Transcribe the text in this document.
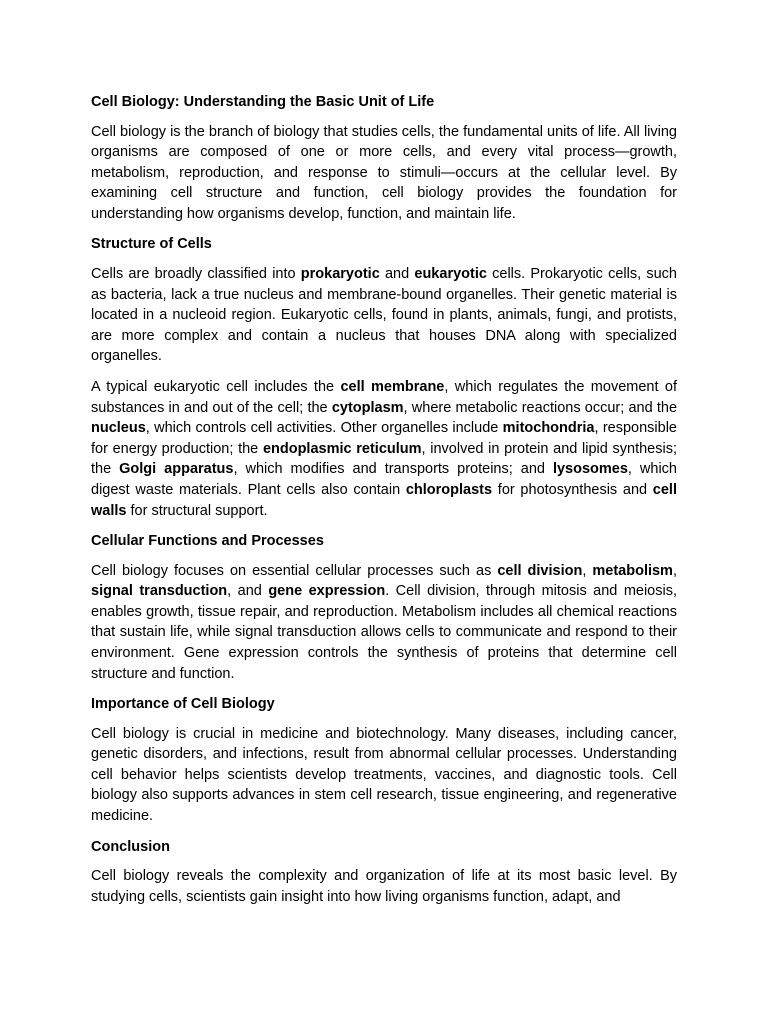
Cell Biology: Understanding the Basic Unit of Life
Cell biology is the branch of biology that studies cells, the fundamental units of life. All living organisms are composed of one or more cells, and every vital process—growth, metabolism, reproduction, and response to stimuli—occurs at the cellular level. By examining cell structure and function, cell biology provides the foundation for understanding how organisms develop, function, and maintain life.
Structure of Cells
Cells are broadly classified into prokaryotic and eukaryotic cells. Prokaryotic cells, such as bacteria, lack a true nucleus and membrane-bound organelles. Their genetic material is located in a nucleoid region. Eukaryotic cells, found in plants, animals, fungi, and protists, are more complex and contain a nucleus that houses DNA along with specialized organelles.
A typical eukaryotic cell includes the cell membrane, which regulates the movement of substances in and out of the cell; the cytoplasm, where metabolic reactions occur; and the nucleus, which controls cell activities. Other organelles include mitochondria, responsible for energy production; the endoplasmic reticulum, involved in protein and lipid synthesis; the Golgi apparatus, which modifies and transports proteins; and lysosomes, which digest waste materials. Plant cells also contain chloroplasts for photosynthesis and cell walls for structural support.
Cellular Functions and Processes
Cell biology focuses on essential cellular processes such as cell division, metabolism, signal transduction, and gene expression. Cell division, through mitosis and meiosis, enables growth, tissue repair, and reproduction. Metabolism includes all chemical reactions that sustain life, while signal transduction allows cells to communicate and respond to their environment. Gene expression controls the synthesis of proteins that determine cell structure and function.
Importance of Cell Biology
Cell biology is crucial in medicine and biotechnology. Many diseases, including cancer, genetic disorders, and infections, result from abnormal cellular processes. Understanding cell behavior helps scientists develop treatments, vaccines, and diagnostic tools. Cell biology also supports advances in stem cell research, tissue engineering, and regenerative medicine.
Conclusion
Cell biology reveals the complexity and organization of life at its most basic level. By studying cells, scientists gain insight into how living organisms function, adapt, and
